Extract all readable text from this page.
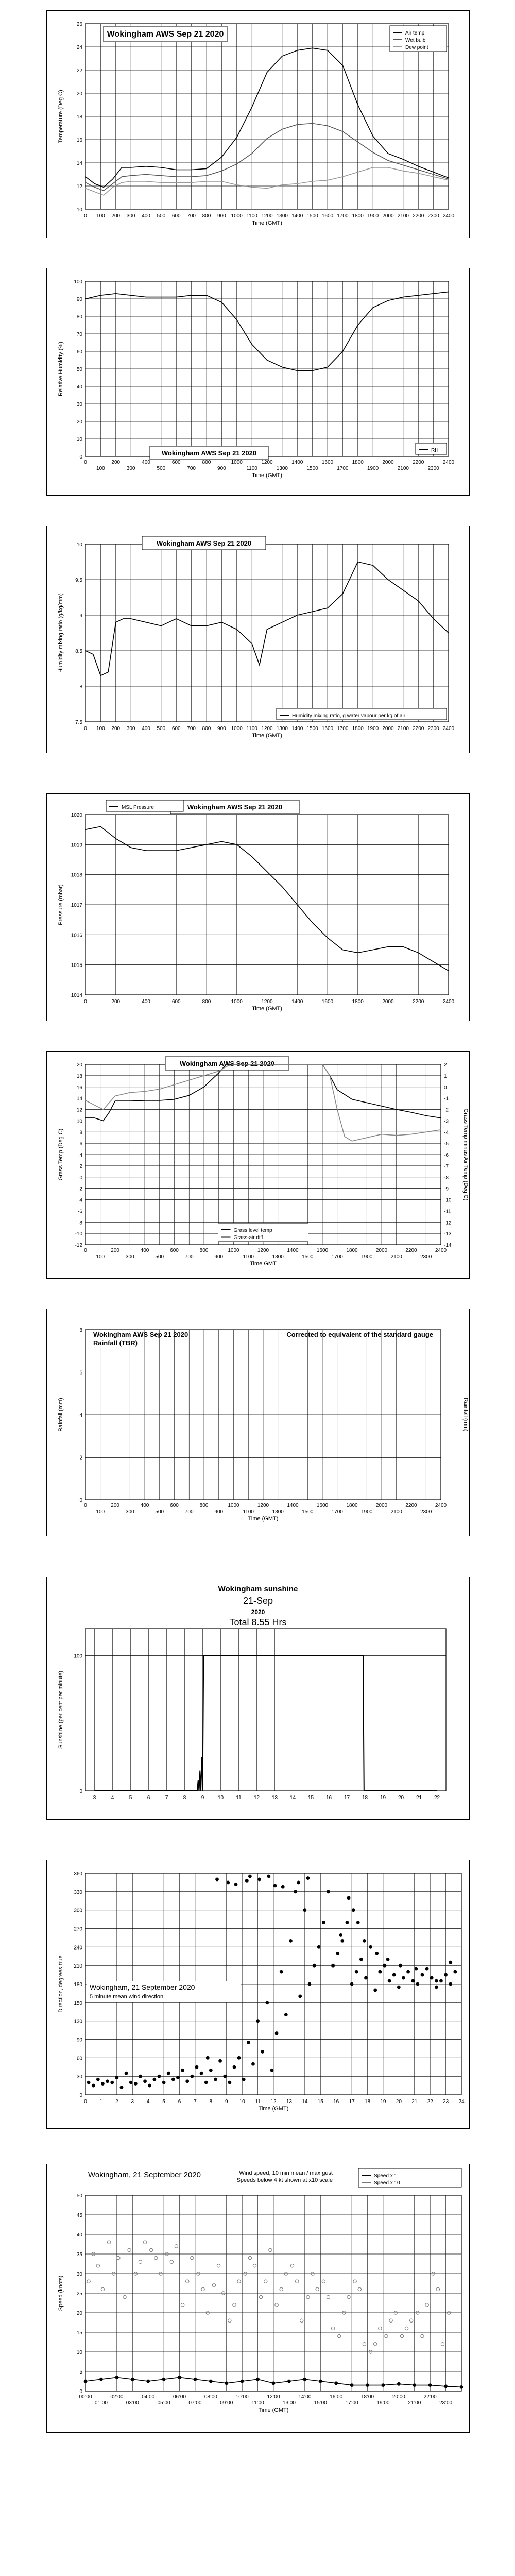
10
12
14
16
18
20
22
24
26
0 100 200 300 400 500 600 700 800 900 1000 1100 1200 1300 1400 1500 1600 1700 1800 1900 2000 2100 2200 2300 2400
Time (GMT)
Temperature (Deg C)
Wokingham AWS Sep 21 2020	Air temp
Wet bulb
Dew point
0
10
20
30
40
50
60
70
80
90
100
0	200	400	600	800	1000	1200	1400	1600	1800	2000	2200	2400
100	300	500	700	900	1100	1300	1500	1700	1900	2100	2300
Time (GMT)
Relative Humidity (%)
Wokingham AWS Sep 21 2020	RH
7.5
8
8.5
9
9.5
10
0 100 200 300 400 500 600 700 800 900 1000 1100 1200 1300 1400 1500 1600 1700 1800 1900 2000 2100 2200 2300 2400
Time (GMT)
Humidity mixing ratio (g/kg/mm)
Wokingham AWS Sep 21 2020
Humidity mixing ratio, g water vapour per kg of air
1014
1015
1016
1017
1018
1019
1020
0	200	400	600	800	1000	1200	1400	1600	1800	2000	2200	2400
Time (GMT)
Pressure (mbar)
Wokingham AWS Sep 21 2020
MSL Pressure
20
18
16
14
12
10
8
6
4
2
0
-2
-4
-6
-8
-10
-12
2
1
0
-1
-2
-3
-4
-5
-6
-7
-8
-9
-10
-11
-12
-13
-14
0	200	400	600	800	1000	1200	1400	1600	1800	2000	2200	2400
100	300	500	700	900	1100	1300	1500	1700	1900	2100	2300
Time GMT
Grass Temp (Deg C)	Grass Temp minus Air Temp (Deg C)
Wokingham AWS Sep 21 2020
Grass level temp
Grass-air diff
0
2
4
6
8
0	200	400	600	800	1000	1200	1400	1600	1800	2000	2200	2400
100	300	500	700	900	1100	1300	1500	1700	1900	2100	2300
Time (GMT)
Rainfall (mm)	Rainfall (mm)
Wokingham AWS Sep 21 2020
Rainfall (TBR)
Corrected to equivalent of the standard gauge
0
100
3	4	5	6	7	8	9	10 11 12 13 14 15 16 17 18 19 20 21 22
Sunshine (per cent per minute)
Wokingham sunshine
21-Sep
2020
Total 8.55 Hrs
0
30
60
90
120
150
180
210
240
270
300
330
360
0 1 2 3 4 5 6 7 8 9 10 11 12 13 14 15 16 17 18 19 20 21 22 23 24
Time (GMT)
Direction, degrees true	Wokingham, 21 September 2020
5 minute mean wind direction
0
5
10
15
20
25
30
35
40
45
50
00:00	02:00	04:00	06:00	08:00	10:00	12:00	14:00	16:00	18:00	20:00	22:00
01:00	03:00	05:00	07:00	09:00	11:00	13:00	15:00	17:00	19:00	21:00	23:00
Time (GMT)
Speed (knots)
Wokingham, 21 September 2020	Wind speed, 10 min mean / max gust
Speeds below 4 kt shown at x10 scale
Speed x 1
Speed x 10
